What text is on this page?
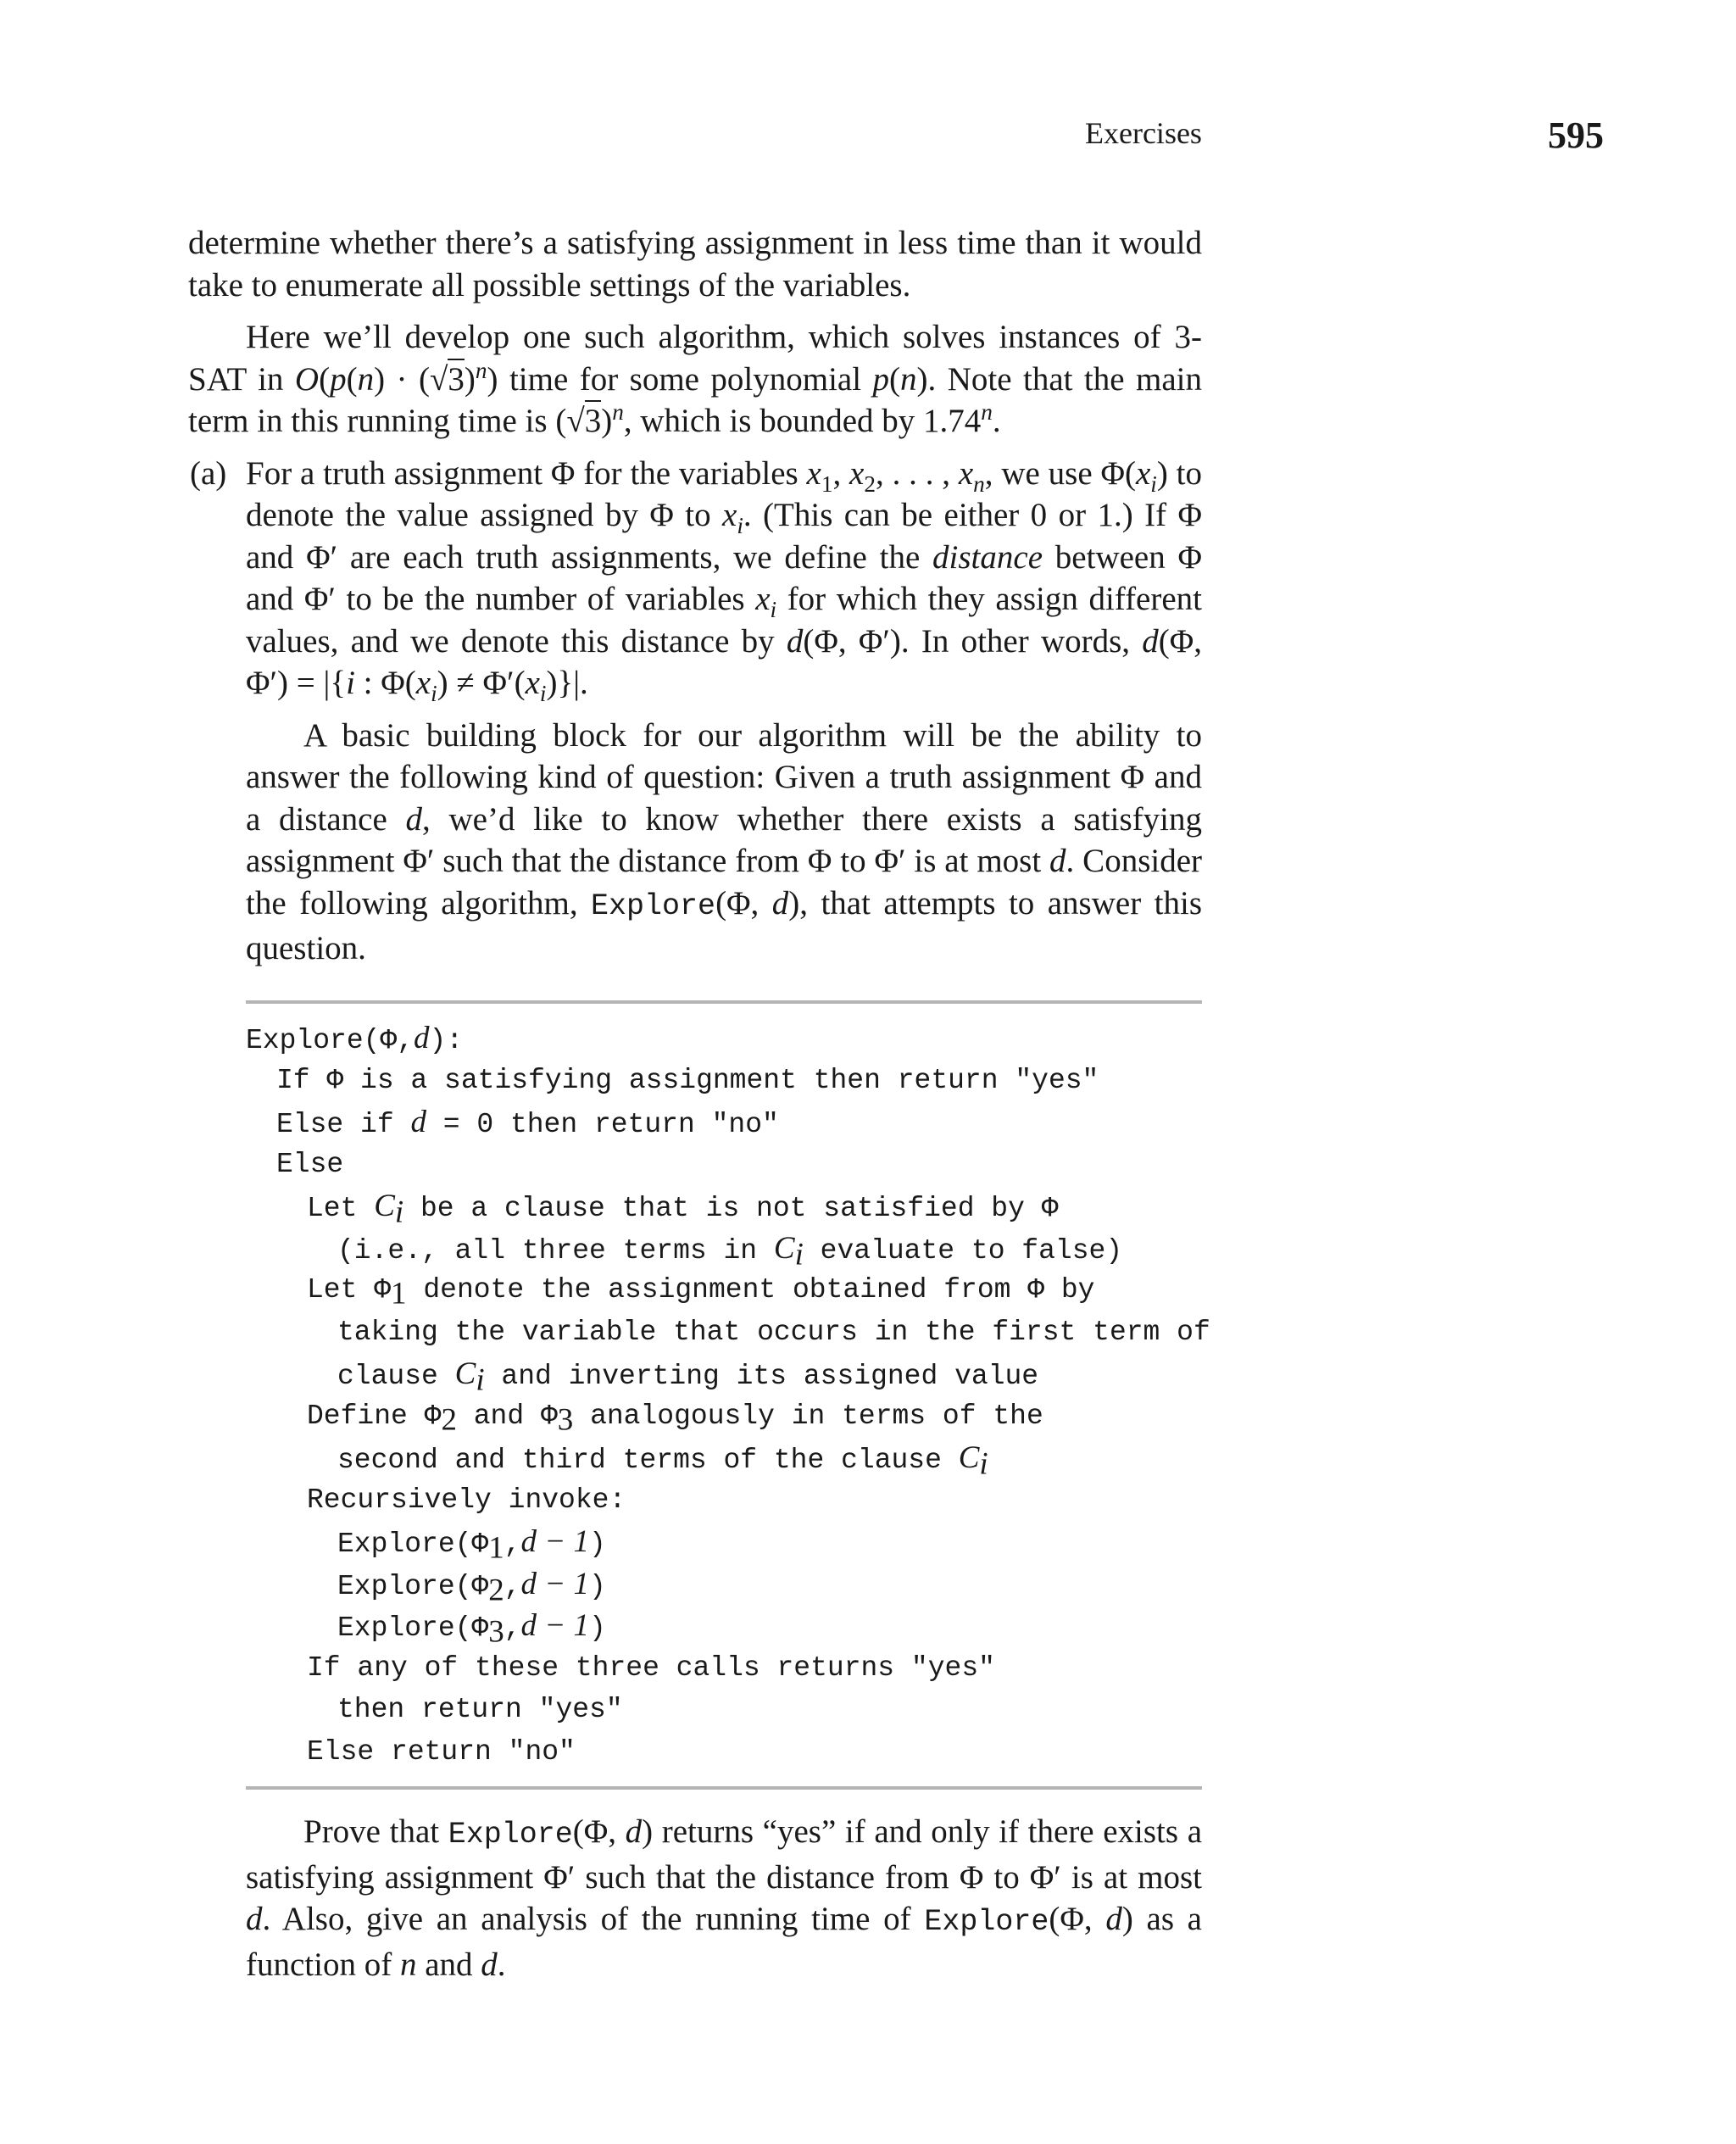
Exercises	595

determine whether there’s a satisfying assignment in less time than it would take to enumerate all possible settings of the variables.

Here we’ll develop one such algorithm, which solves instances of 3-SAT in $O(p(n) \cdot (√3)^n)$ time for some polynomial p(n). Note that the main term in this running time is $(√3)^n$, which is bounded by 1.74$^n$.

(a) For a truth assignment Φ for the variables $x_1$, $x_2$, . . . , $x_n$, we use $\Phi(x_i)$ to denote the value assigned by Φ to $x_i$. (This can be either 0 or 1.) If Φ and Φ′ are each truth assignments, we define the distance between Φ and Φ′ to be the number of variables $x_i$ for which they assign different values, and we denote this distance by d(Φ, Φ′). In other words, d(Φ, Φ′) = |{i : $\Phi(x_i) \ne \Phi'(x_i)\}|$.

A basic building block for our algorithm will be the ability to answer the following kind of question: Given a truth assignment Φ and a distance d, we’d like to know whether there exists a satisfying assignment Φ′ such that the distance from Φ to Φ′ is at most d. Consider the following algorithm, Explore(Φ, d), that attempts to answer this question.

Explore(Φ,d):
If Φ is a satisfying assignment then return "yes"
Else if d = 0 then return "no"
Else
Let $C_i$ be a clause that is not satisfied by Φ
(i.e., all three terms in $C_i$ evaluate to false)
Let $\Phi_1$ denote the assignment obtained from Φ by
taking the variable that occurs in the first term of
clause $C_i$ and inverting its assigned value
Define $\Phi_2$ and $\Phi_3$ analogously in terms of the
second and third terms of the clause $C_i$
Recursively invoke:
$Explore(\Phi_1,d - 1)$
$Explore(\Phi_2,d - 1)$
$Explore(\Phi_3,d - 1)$
If any of these three calls returns "yes"
then return "yes"
Else return "no"

Prove that Explore(Φ, d) returns “yes” if and only if there exists a satisfying assignment Φ′ such that the distance from Φ to Φ′ is at most d. Also, give an analysis of the running time of Explore(Φ, d) as a function of n and d.
